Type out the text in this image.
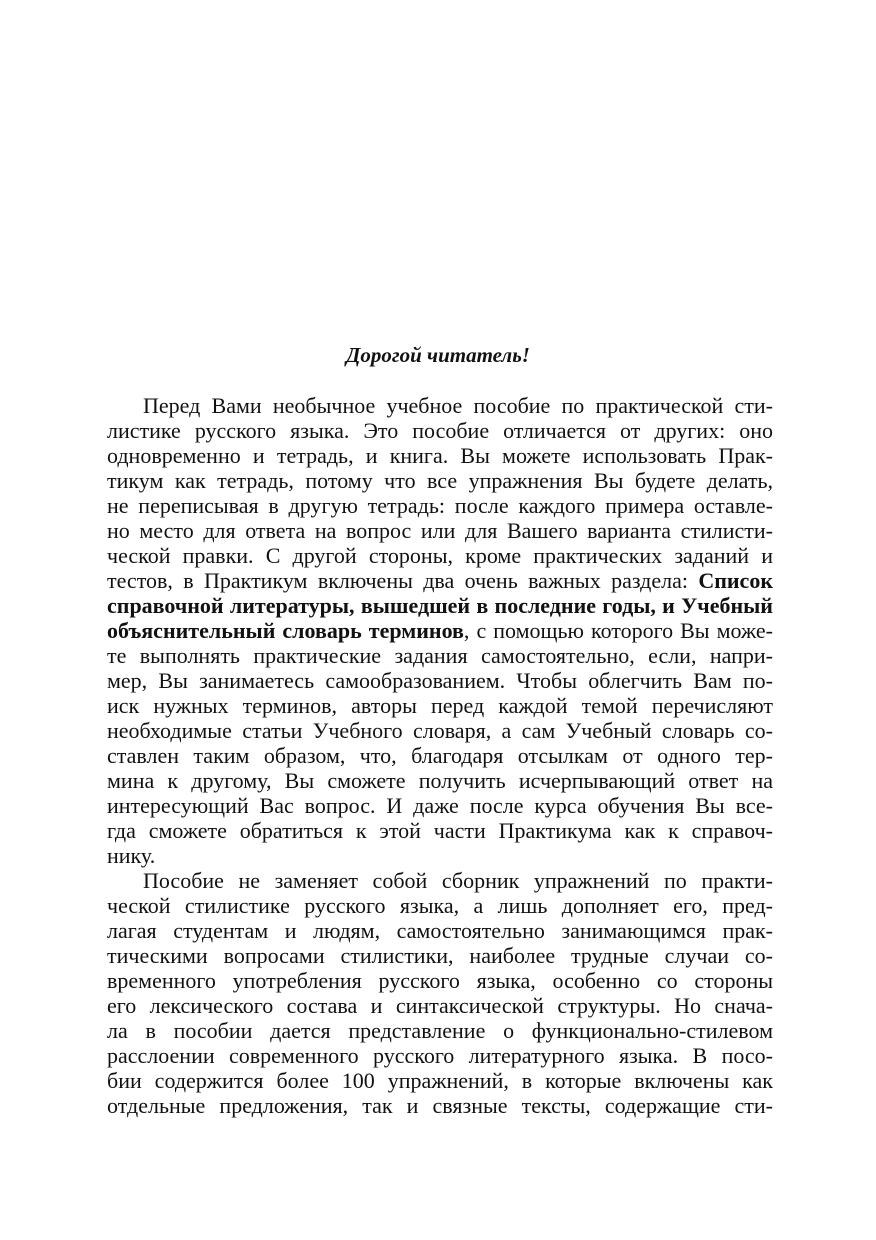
Дорогой читатель!
Перед Вами необычное учебное пособие по практической сти-
листике русского языка. Это пособие отличается от других: оно
одновременно и тетрадь, и книга. Вы можете использовать Прак-
тикум как тетрадь, потому что все упражнения Вы будете делать,
не переписывая в другую тетрадь: после каждого примера оставле-
но место для ответа на вопрос или для Вашего варианта стилисти-
ческой правки. С другой стороны, кроме практических заданий и
тестов, в Практикум включены два очень важных раздела: Список
справочной литературы, вышедшей в последние годы, и Учебный
объяснительный словарь терминов, с помощью которого Вы може-
те выполнять практические задания самостоятельно, если, напри-
мер, Вы занимаетесь самообразованием. Чтобы облегчить Вам по-
иск нужных терминов, авторы перед каждой темой перечисляют
необходимые статьи Учебного словаря, а сам Учебный словарь со-
ставлен таким образом, что, благодаря отсылкам от одного тер-
мина к другому, Вы сможете получить исчерпывающий ответ на
интересующий Вас вопрос. И даже после курса обучения Вы все-
гда сможете обратиться к этой части Практикума как к справоч-
нику.
Пособие не заменяет собой сборник упражнений по практи-
ческой стилистике русского языка, а лишь дополняет его, пред-
лагая студентам и людям, самостоятельно занимающимся прак-
тическими вопросами стилистики, наиболее трудные случаи со-
временного употребления русского языка, особенно со стороны
его лексического состава и синтаксической структуры. Но снача-
ла в пособии дается представление о функционально-стилевом
расслоении современного русского литературного языка. В посо-
бии содержится более 100 упражнений, в которые включены как
отдельные предложения, так и связные тексты, содержащие сти-
